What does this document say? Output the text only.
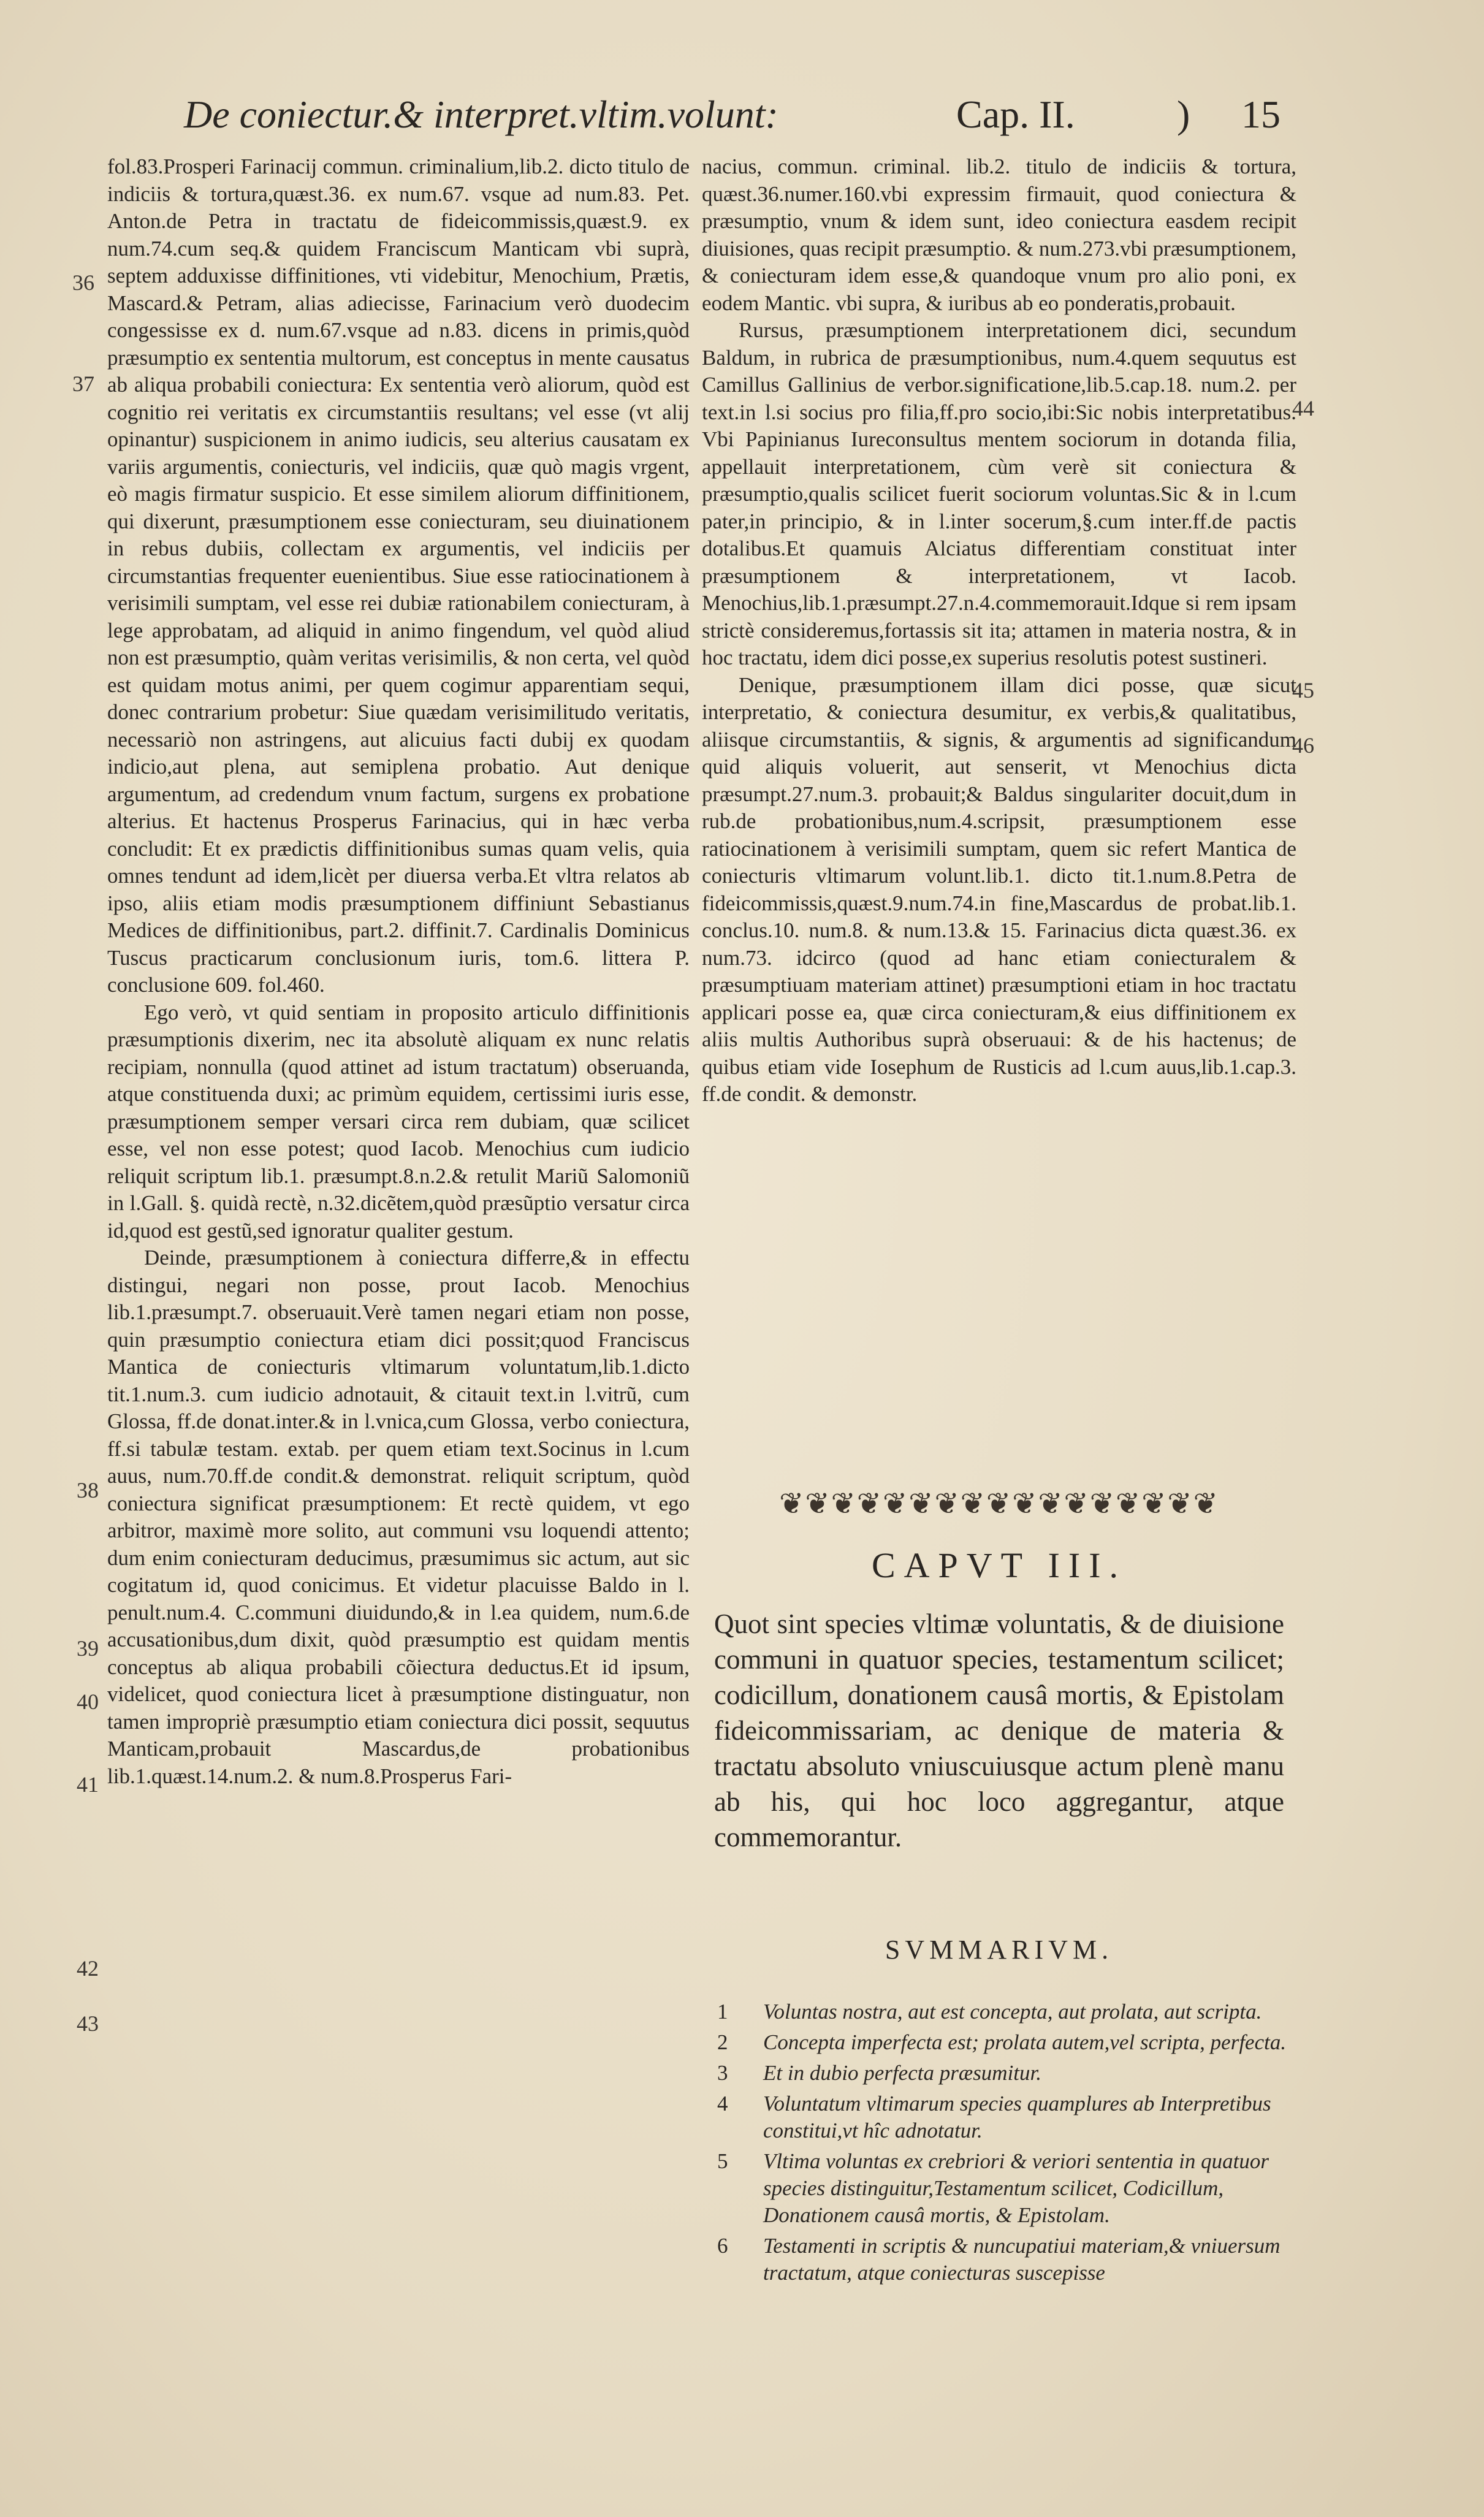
De coniectur.& interpret.vltim.volunt:	Cap. II.	) 15
36
37
38
39
40
41
42
43
44
45
46

fol.83.Prosperi Farinacij commun. criminalium,lib.2. dicto titulo de indiciis & tortura,quæst.36. ex num.67. vsque ad num.83. Pet. Anton.de Petra in tractatu de fideicommissis,quæst.9. ex num.74.cum seq.& quidem Franciscum Manticam vbi suprà, septem adduxisse diffinitiones, vti videbitur, Menochium, Prætis, Mascard.& Petram, alias adiecisse, Farinacium verò duodecim congessisse ex d. num.67.vsque ad n.83. dicens in primis,quòd præsumptio ex sententia multorum, est conceptus in mente causatus ab aliqua probabili coniectura: Ex sententia verò aliorum, quòd est cognitio rei veritatis ex circumstantiis resultans; vel esse (vt alij opinantur) suspicionem in animo iudicis, seu alterius causatam ex variis argumentis, coniecturis, vel indiciis, quæ quò magis vrgent, eò magis firmatur suspicio. Et esse similem aliorum diffinitionem, qui dixerunt, præsumptionem esse coniecturam, seu diuinationem in rebus dubiis, collectam ex argumentis, vel indiciis per circumstantias frequenter euenientibus. Siue esse ratiocinationem à verisimili sumptam, vel esse rei dubiæ rationabilem coniecturam, à lege approbatam, ad aliquid in animo fingendum, vel quòd aliud non est præsumptio, quàm veritas verisimilis, & non certa, vel quòd est quidam motus animi, per quem cogimur apparentiam sequi, donec contrarium probetur: Siue quædam verisimilitudo veritatis, necessariò non astringens, aut alicuius facti dubij ex quodam indicio,aut plena, aut semiplena probatio. Aut denique argumentum, ad credendum vnum factum, surgens ex probatione alterius. Et hactenus Prosperus Farinacius, qui in hæc verba concludit: Et ex prædictis diffinitionibus sumas quam velis, quia omnes tendunt ad idem,licèt per diuersa verba.Et vltra relatos ab ipso, aliis etiam modis præsumptionem diffiniunt Sebastianus Medices de diffinitionibus, part.2. diffinit.7. Cardinalis Dominicus Tuscus practicarum conclusionum iuris, tom.6. littera P. conclusione 609. fol.460.

Ego verò, vt quid sentiam in proposito articulo diffinitionis præsumptionis dixerim, nec ita absolutè aliquam ex nunc relatis recipiam, nonnulla (quod attinet ad istum tractatum) obseruanda, atque constituenda duxi; ac primùm equidem, certissimi iuris esse, præsumptionem semper versari circa rem dubiam, quæ scilicet esse, vel non esse potest; quod Iacob. Menochius cum iudicio reliquit scriptum lib.1. præsumpt.8.n.2.& retulit Mariũ Salomoniũ in l.Gall. §. quidà rectè, n.32.dicẽtem,quòd præsũptio versatur circa id,quod est gestũ,sed ignoratur qualiter gestum.

Deinde, præsumptionem à coniectura differre,& in effectu distingui, negari non posse, prout Iacob. Menochius lib.1.præsumpt.7. obseruauit.Verè tamen negari etiam non posse, quin præsumptio coniectura etiam dici possit;quod Franciscus Mantica de coniecturis vltimarum voluntatum,lib.1.dicto tit.1.num.3. cum iudicio adnotauit, & citauit text.in l.vitrũ, cum Glossa, ff.de donat.inter.& in l.vnica,cum Glossa, verbo coniectura, ff.si tabulæ testam. extab. per quem etiam text.Socinus in l.cum auus, num.70.ff.de condit.& demonstrat. reliquit scriptum, quòd coniectura significat præsumptionem: Et rectè quidem, vt ego arbitror, maximè more solito, aut communi vsu loquendi attento; dum enim coniecturam deducimus, præsumimus sic actum, aut sic cogitatum id, quod conicimus. Et videtur placuisse Baldo in l. penult.num.4. C.communi diuidundo,& in l.ea quidem, num.6.de accusationibus,dum dixit, quòd præsumptio est quidam mentis conceptus ab aliqua probabili cõiectura deductus.Et id ipsum, videlicet, quod coniectura licet à præsumptione distinguatur, non tamen impropriè præsumptio etiam coniectura dici possit, sequutus Manticam,probauit Mascardus,de probationibus lib.1.quæst.14.num.2. & num.8.Prosperus Fari-

nacius, commun. criminal. lib.2. titulo de indiciis & tortura, quæst.36.numer.160.vbi expressim firmauit, quod coniectura & præsumptio, vnum & idem sunt, ideo coniectura easdem recipit diuisiones, quas recipit præsumptio. & num.273.vbi præsumptionem, & coniecturam idem esse,& quandoque vnum pro alio poni, ex eodem Mantic. vbi supra, & iuribus ab eo ponderatis,probauit.

Rursus, præsumptionem interpretationem dici, secundum Baldum, in rubrica de præsumptionibus, num.4.quem sequutus est Camillus Gallinius de verbor.significatione,lib.5.cap.18. num.2. per text.in l.si socius pro filia,ff.pro socio,ibi:Sic nobis interpretatibus. Vbi Papinianus Iureconsultus mentem sociorum in dotanda filia, appellauit interpretationem, cùm verè sit coniectura & præsumptio,qualis scilicet fuerit sociorum voluntas.Sic & in l.cum pater,in principio, & in l.inter socerum,§.cum inter.ff.de pactis dotalibus.Et quamuis Alciatus differentiam constituat inter præsumptionem & interpretationem, vt Iacob. Menochius,lib.1.præsumpt.27.n.4.commemorauit.Idque si rem ipsam strictè consideremus,fortassis sit ita; attamen in materia nostra, & in hoc tractatu, idem dici posse,ex superius resolutis potest sustineri.

Denique, præsumptionem illam dici posse, quæ sicut interpretatio, & coniectura desumitur, ex verbis,& qualitatibus, aliisque circumstantiis, & signis, & argumentis ad significandum quid aliquis voluerit, aut senserit, vt Menochius dicta præsumpt.27.num.3. probauit;& Baldus singulariter docuit,dum in rub.de probationibus,num.4.scripsit, præsumptionem esse ratiocinationem à verisimili sumptam, quem sic refert Mantica de coniecturis vltimarum volunt.lib.1. dicto tit.1.num.8.Petra de fideicommissis,quæst.9.num.74.in fine,Mascardus de probat.lib.1. conclus.10. num.8. & num.13.& 15. Farinacius dicta quæst.36. ex num.73. idcirco (quod ad hanc etiam coniecturalem & præsumptiuam materiam attinet) præsumptioni etiam in hoc tractatu applicari posse ea, quæ circa coniecturam,& eius diffinitionem ex aliis multis Authoribus suprà obseruaui: & de his hactenus; de quibus etiam vide Iosephum de Rusticis ad l.cum auus,lib.1.cap.3. ff.de condit. & demonstr.

❦❦❦❦❦❦❦❦❦❦❦❦❦❦❦❦❦
CAPVT III.
Quot sint species vltimæ voluntatis, & de diuisione communi in quatuor species, testamentum scilicet; codicillum, donationem causâ mortis, & Epistolam fideicommissariam, ac denique de materia & tractatu absoluto vniuscuiusque actum plenè manu ab his, qui hoc loco aggregantur, atque commemorantur.
SVMMARIVM.
1 Voluntas nostra, aut est concepta, aut prolata, aut scripta.
2 Concepta imperfecta est; prolata autem,vel scripta, perfecta.
3 Et in dubio perfecta præsumitur.
4 Voluntatum vltimarum species quamplures ab Interpretibus constitui,vt hîc adnotatur.
5 Vltima voluntas ex crebriori & veriori sententia in quatuor species distinguitur,Testamentum scilicet, Codicillum, Donationem causâ mortis, & Epistolam.
6 Testamenti in scriptis & nuncupatiui materiam,& vniuersum tractatum, atque coniecturas suscepisse
